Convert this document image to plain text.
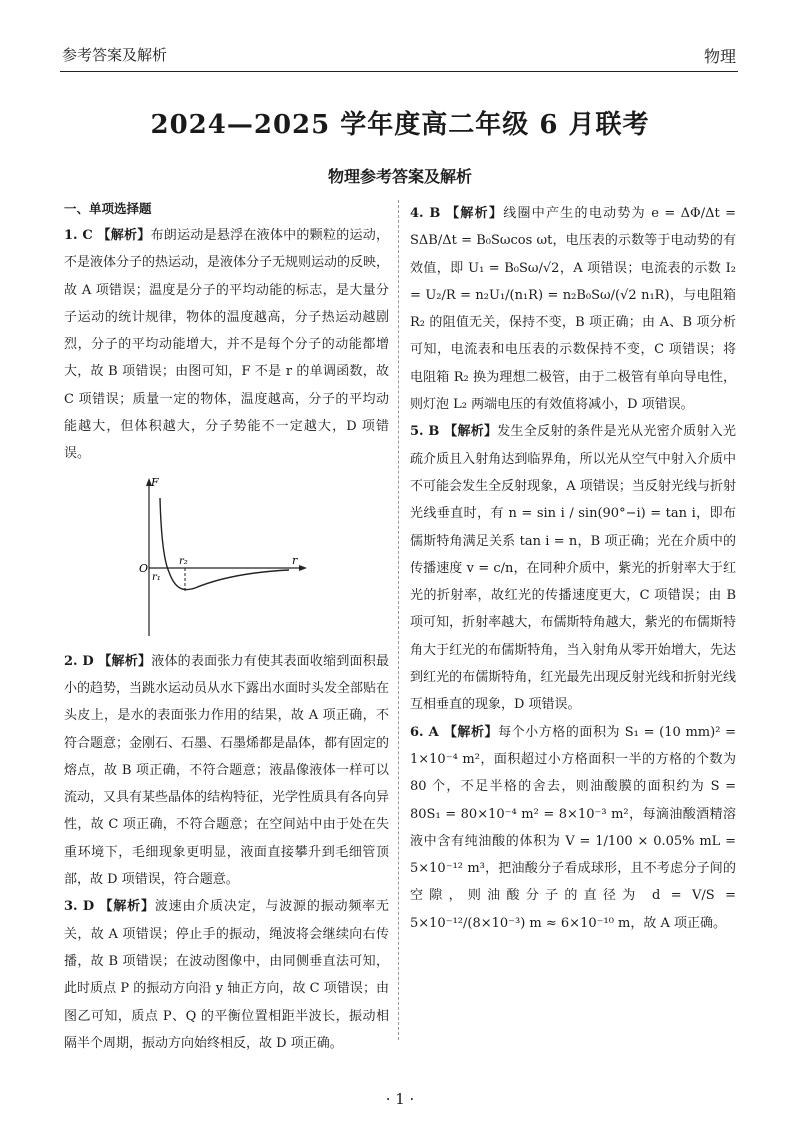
参考答案及解析	物理
2024—2025 学年度高二年级 6 月联考
物理参考答案及解析
一、单项选择题

1. C 【解析】布朗运动是悬浮在液体中的颗粒的运动，不是液体分子的热运动，是液体分子无规则运动的反映，故 A 项错误；温度是分子的平均动能的标志，是大量分子运动的统计规律，物体的温度越高，分子热运动越剧烈，分子的平均动能增大，并不是每个分子的动能都增大，故 B 项错误；由图可知，F 不是 r 的单调函数，故 C 项错误；质量一定的物体，温度越高，分子的平均动能越大，但体积越大，分子势能不一定越大，D 项错误。

F
r
O
r₁
r₂

2. D 【解析】液体的表面张力有使其表面收缩到面积最小的趋势，当跳水运动员从水下露出水面时头发全部贴在头皮上，是水的表面张力作用的结果，故 A 项正确，不符合题意；金刚石、石墨、石墨烯都是晶体，都有固定的熔点，故 B 项正确，不符合题意；液晶像液体一样可以流动，又具有某些晶体的结构特征，光学性质具有各向异性，故 C 项正确，不符合题意；在空间站中由于处在失重环境下，毛细现象更明显，液面直接攀升到毛细管顶部，故 D 项错误，符合题意。

3. D 【解析】波速由介质决定，与波源的振动频率无关，故 A 项错误；停止手的振动，绳波将会继续向右传播，故 B 项错误；在波动图像中，由同侧垂直法可知，此时质点 P 的振动方向沿 y 轴正方向，故 C 项错误；由图乙可知，质点 P、Q 的平衡位置相距半波长，振动相隔半个周期，振动方向始终相反，故 D 项正确。

4. B 【解析】线圈中产生的电动势为 e = ΔΦ/Δt = SΔB/Δt = B₀Sωcos ωt，电压表的示数等于电动势的有效值，即 U₁ = B₀Sω/√2，A 项错误；电流表的示数 I₂ = U₂/R = n₂U₁/(n₁R) = n₂B₀Sω/(√2 n₁R)，与电阻箱 R₂ 的阻值无关，保持不变，B 项正确；由 A、B 项分析可知，电流表和电压表的示数保持不变，C 项错误；将电阻箱 R₂ 换为理想二极管，由于二极管有单向导电性，则灯泡 L₂ 两端电压的有效值将减小，D 项错误。

5. B 【解析】发生全反射的条件是光从光密介质射入光疏介质且入射角达到临界角，所以光从空气中射入介质中不可能会发生全反射现象，A 项错误；当反射光线与折射光线垂直时，有 n = sin i / sin(90°−i) = tan i，即布儒斯特角满足关系 tan i = n，B 项正确；光在介质中的传播速度 v = c/n，在同种介质中，紫光的折射率大于红光的折射率，故红光的传播速度更大，C 项错误；由 B 项可知，折射率越大，布儒斯特角越大，紫光的布儒斯特角大于红光的布儒斯特角，当入射角从零开始增大，先达到红光的布儒斯特角，红光最先出现反射光线和折射光线互相垂直的现象，D 项错误。

6. A 【解析】每个小方格的面积为 S₁ = (10 mm)² = 1×10⁻⁴ m²，面积超过小方格面积一半的方格的个数为 80 个，不足半格的舍去，则油酸膜的面积约为 S = 80S₁ = 80×10⁻⁴ m² = 8×10⁻³ m²，每滴油酸酒精溶液中含有纯油酸的体积为 V = 1/100 × 0.05% mL = 5×10⁻¹² m³，把油酸分子看成球形，且不考虑分子间的空隙，则油酸分子的直径为 d = V/S = 5×10⁻¹²/(8×10⁻³) m ≈ 6×10⁻¹⁰ m，故 A 项正确。

· 1 ·
